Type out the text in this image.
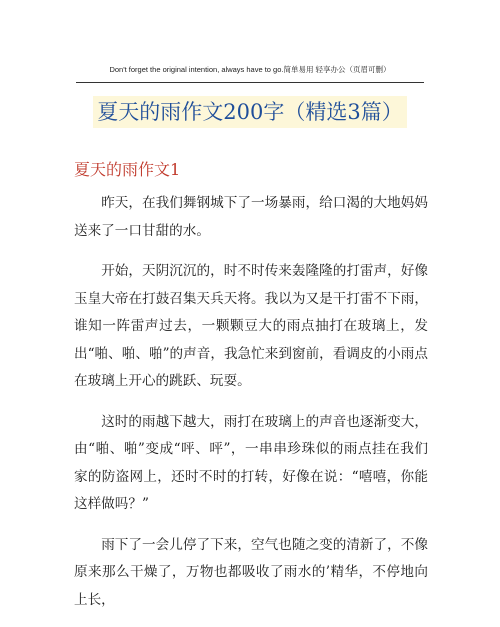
Don't forget the original intention, always have to go.简单易用 轻享办公（页眉可删）
夏天的雨作文200字（精选3篇）
夏天的雨作文1

昨天，在我们舞钢城下了一场暴雨，给口渴的大地妈妈送来了一口甘甜的水。

开始，天阴沉沉的，时不时传来轰隆隆的打雷声，好像玉皇大帝在打鼓召集天兵天将。我以为又是干打雷不下雨，谁知一阵雷声过去，一颗颗豆大的雨点抽打在玻璃上，发出“啪、啪、啪”的声音，我急忙来到窗前，看调皮的小雨点在玻璃上开心的跳跃、玩耍。

这时的雨越下越大，雨打在玻璃上的声音也逐渐变大，由“啪、啪”变成“呯、呯”，一串串珍珠似的雨点挂在我们家的防盗网上，还时不时的打转，好像在说：“嘻嘻，你能这样做吗？”

雨下了一会儿停了下来，空气也随之变的清新了，不像原来那么干燥了，万物也都吸收了雨水的’精华，不停地向上长，
